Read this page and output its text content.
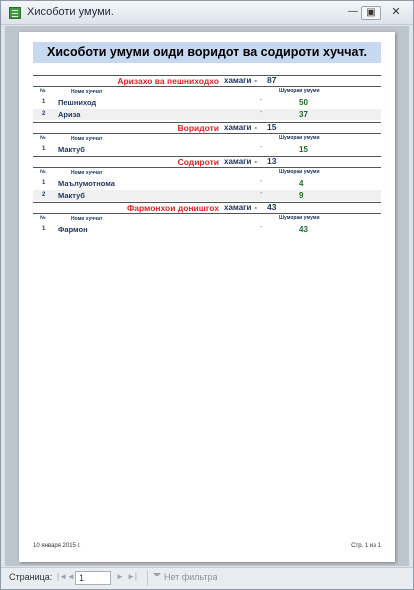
Хисоботи умуми.	— ▣	✕
Хисоботи умуми оиди воридот ва содироти хуччат.
Аризахо ва пешниходхо хамаги - 87
№	Номи хуччат	Шумораи умуми
1 Пешниход	-	50
2 Ариза	-	37
Воридоти хамаги - 15
№	Номи хуччат	Шумораи умуми
1 Мактуб	-	15
Содироти хамаги - 13
№	Номи хуччат	Шумораи умуми
1 Маълумотнома	-	4
2 Мактуб	-	9
Фармонхои донишгох хамаги - 43
№	Номи хуччат	Шумораи умуми
1 Фармон	-	43
10 января 2015 г.	Стр. 1 из 1
Страница: |◄ ◄ 1	► ►|	Нет фильтра
